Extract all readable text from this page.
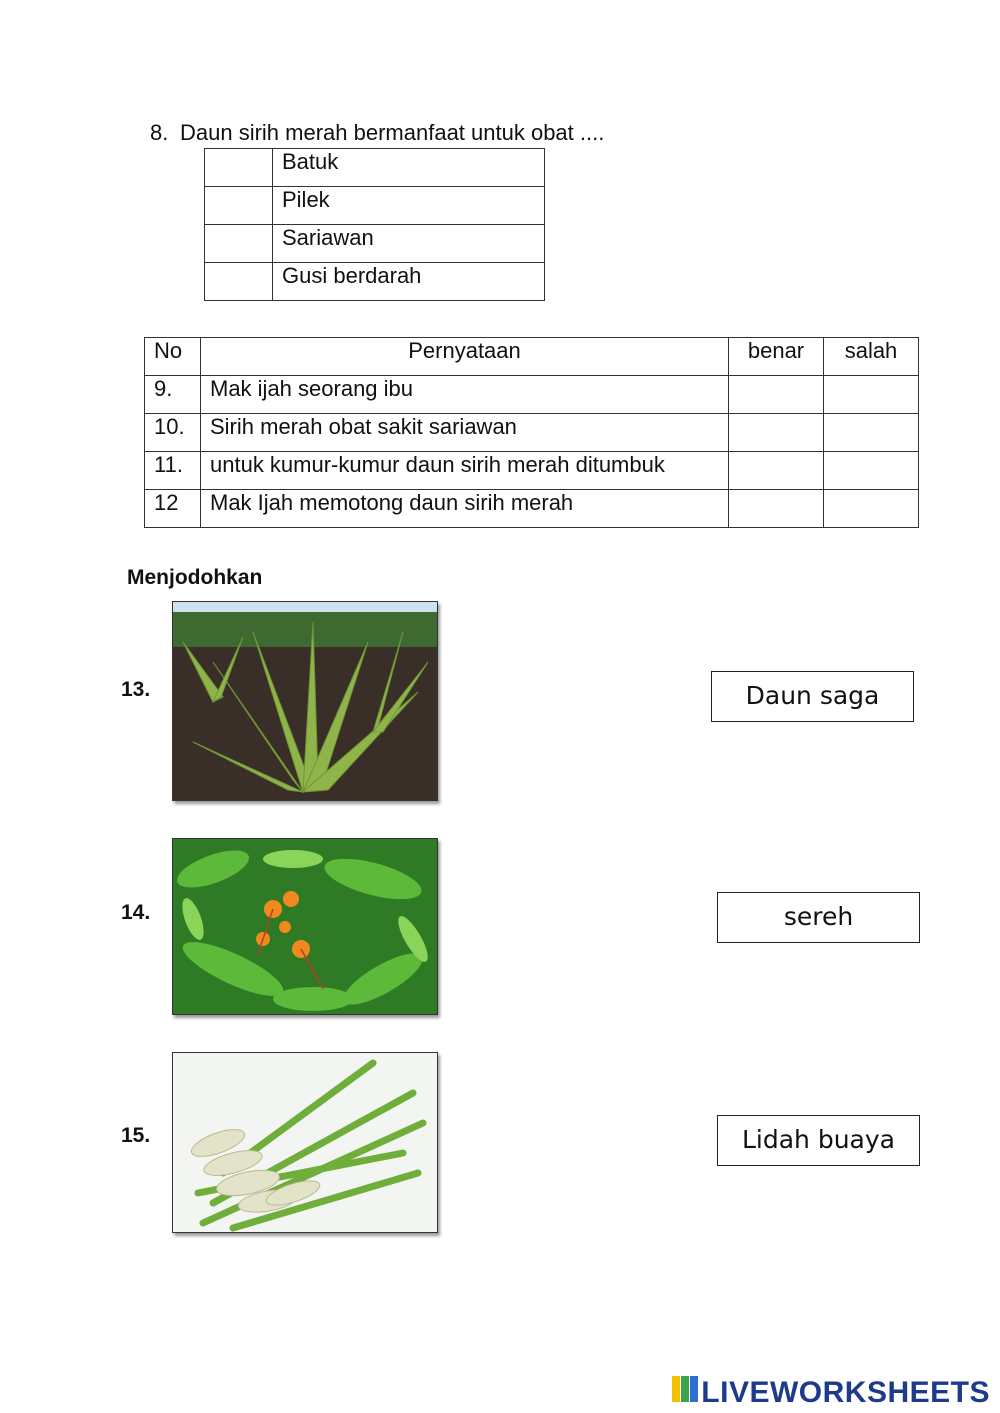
8. Daun sirih merah bermanfaat untuk obat ....
	Batuk
	Pilek
	Sariawan
	Gusi berdarah
No	Pernyataan	benar	salah
9.	Mak ijah seorang ibu		
10.	Sirih merah obat sakit sariawan		
11.	untuk kumur-kumur daun sirih merah ditumbuk		
12	Mak Ijah memotong daun sirih merah		
Menjodohkan
13.	Daun saga
14.	sereh
15.	Lidah buaya
LIVEWORKSHEETS
